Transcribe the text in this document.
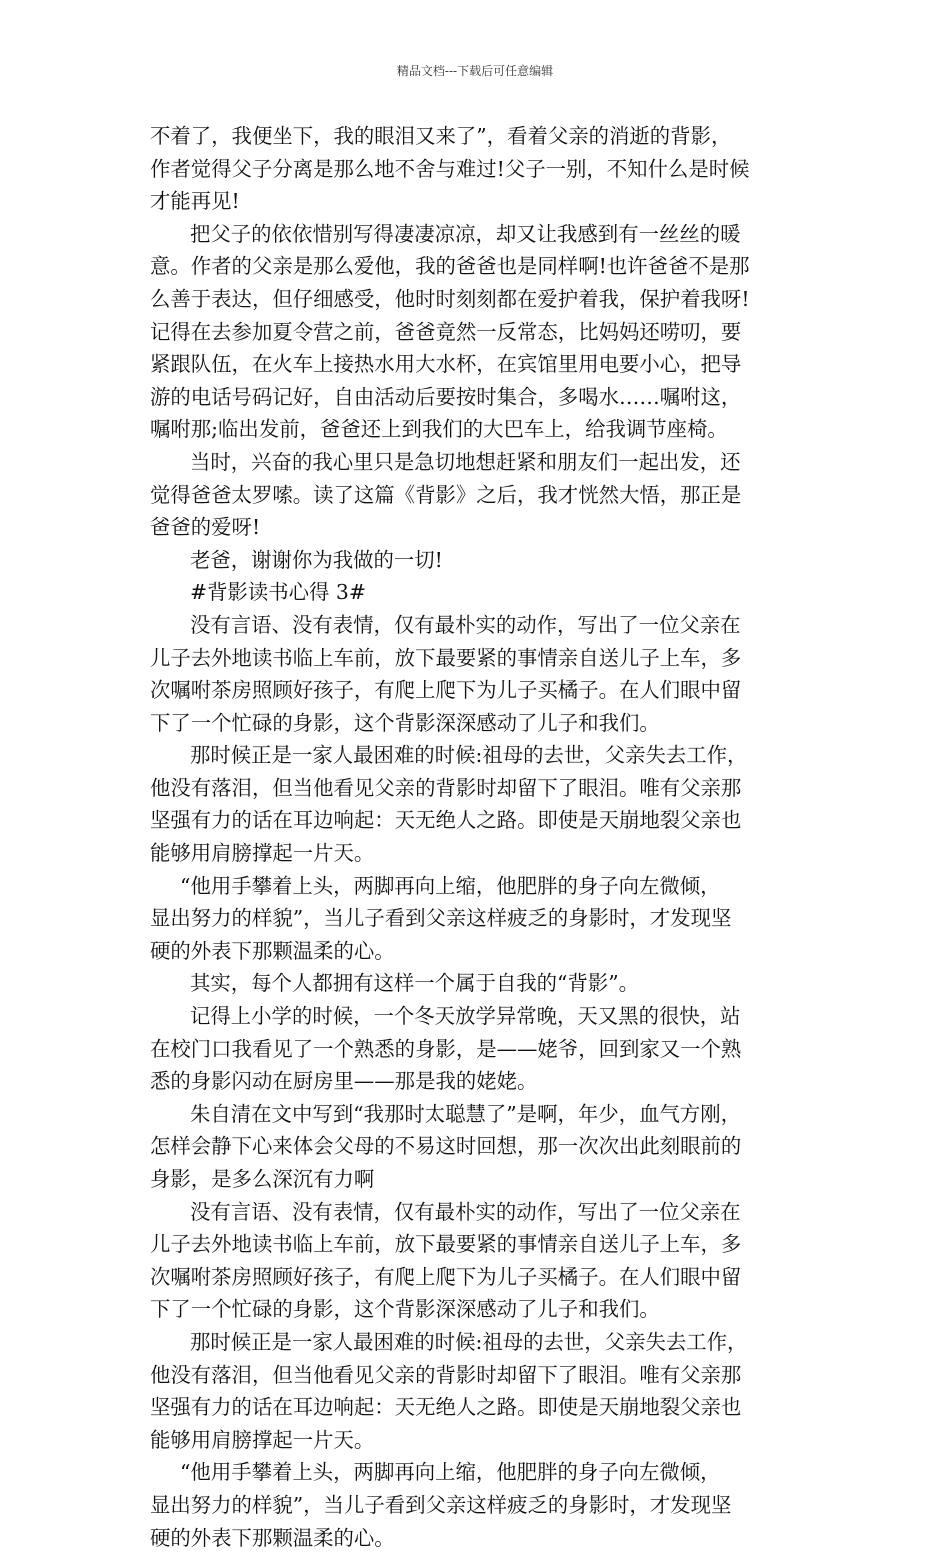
精品文档---下载后可任意编辑
不着了，我便坐下，我的眼泪又来了”，看着父亲的消逝的背影，
作者觉得父子分离是那么地不舍与难过!父子一别，不知什么是时候
才能再见!
把父子的依依惜别写得凄凄凉凉，却又让我感到有一丝丝的暖
意。作者的父亲是那么爱他，我的爸爸也是同样啊!也许爸爸不是那
么善于表达，但仔细感受，他时时刻刻都在爱护着我，保护着我呀!
记得在去参加夏令营之前，爸爸竟然一反常态，比妈妈还唠叨，要
紧跟队伍，在火车上接热水用大水杯，在宾馆里用电要小心，把导
游的电话号码记好，自由活动后要按时集合，多喝水……嘱咐这，
嘱咐那;临出发前，爸爸还上到我们的大巴车上，给我调节座椅。
当时，兴奋的我心里只是急切地想赶紧和朋友们一起出发，还
觉得爸爸太罗嗦。读了这篇《背影》之后，我才恍然大悟，那正是
爸爸的爱呀!
老爸，谢谢你为我做的一切!
#背影读书心得 3#
没有言语、没有表情，仅有最朴实的动作，写出了一位父亲在
儿子去外地读书临上车前，放下最要紧的事情亲自送儿子上车，多
次嘱咐茶房照顾好孩子，有爬上爬下为儿子买橘子。在人们眼中留
下了一个忙碌的身影，这个背影深深感动了儿子和我们。
那时候正是一家人最困难的时候:祖母的去世，父亲失去工作，
他没有落泪，但当他看见父亲的背影时却留下了眼泪。唯有父亲那
坚强有力的话在耳边响起：天无绝人之路。即使是天崩地裂父亲也
能够用肩膀撑起一片天。
“他用手攀着上头，两脚再向上缩，他肥胖的身子向左微倾，
显出努力的样貌”，当儿子看到父亲这样疲乏的身影时，才发现坚
硬的外表下那颗温柔的心。
其实，每个人都拥有这样一个属于自我的“背影”。
记得上小学的时候，一个冬天放学异常晚，天又黑的很快，站
在校门口我看见了一个熟悉的身影，是——姥爷，回到家又一个熟
悉的身影闪动在厨房里——那是我的姥姥。
朱自清在文中写到“我那时太聪慧了”是啊，年少，血气方刚，
怎样会静下心来体会父母的不易这时回想，那一次次出此刻眼前的
身影，是多么深沉有力啊
没有言语、没有表情，仅有最朴实的动作，写出了一位父亲在
儿子去外地读书临上车前，放下最要紧的事情亲自送儿子上车，多
次嘱咐茶房照顾好孩子，有爬上爬下为儿子买橘子。在人们眼中留
下了一个忙碌的身影，这个背影深深感动了儿子和我们。
那时候正是一家人最困难的时候:祖母的去世，父亲失去工作，
他没有落泪，但当他看见父亲的背影时却留下了眼泪。唯有父亲那
坚强有力的话在耳边响起：天无绝人之路。即使是天崩地裂父亲也
能够用肩膀撑起一片天。
“他用手攀着上头，两脚再向上缩，他肥胖的身子向左微倾，
显出努力的样貌”，当儿子看到父亲这样疲乏的身影时，才发现坚
硬的外表下那颗温柔的心。
